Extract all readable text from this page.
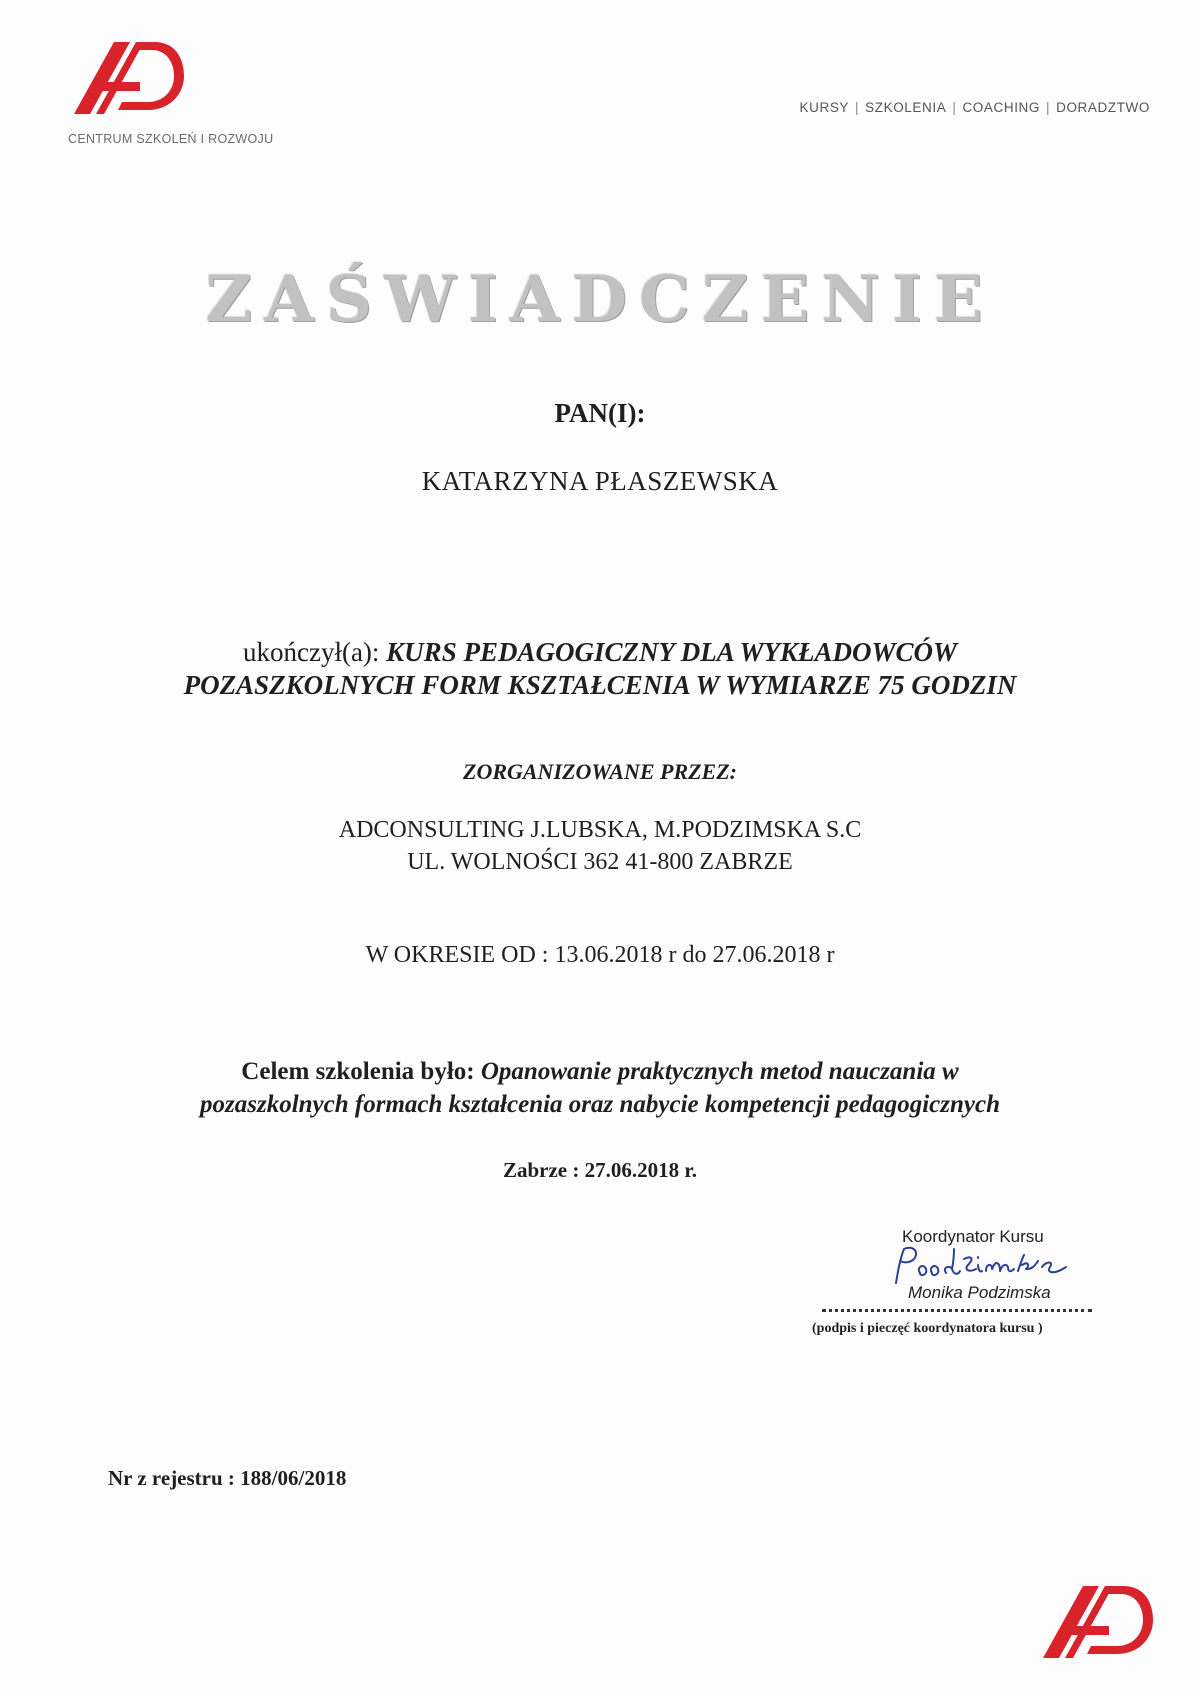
CENTRUM SZKOLEŃ I ROZWOJU
KURSY | SZKOLENIA | COACHING | DORADZTWO
ZAŚWIADCZENIE
PAN(I):
KATARZYNA PŁASZEWSKA
ukończył(a): KURS PEDAGOGICZNY DLA WYKŁADOWCÓW
POZASZKOLNYCH FORM KSZTAŁCENIA W WYMIARZE 75 GODZIN
ZORGANIZOWANE PRZEZ:
ADCONSULTING J.LUBSKA, M.PODZIMSKA S.C
UL. WOLNOŚCI 362 41-800 ZABRZE
W OKRESIE OD : 13.06.2018 r do 27.06.2018 r
Celem szkolenia było: Opanowanie praktycznych metod nauczania w
pozaszkolnych formach kształcenia oraz nabycie kompetencji pedagogicznych
Zabrze : 27.06.2018 r.
Koordynator Kursu
Monika Podzimska
(podpis i pieczęć koordynatora kursu )
Nr z rejestru : 188/06/2018
